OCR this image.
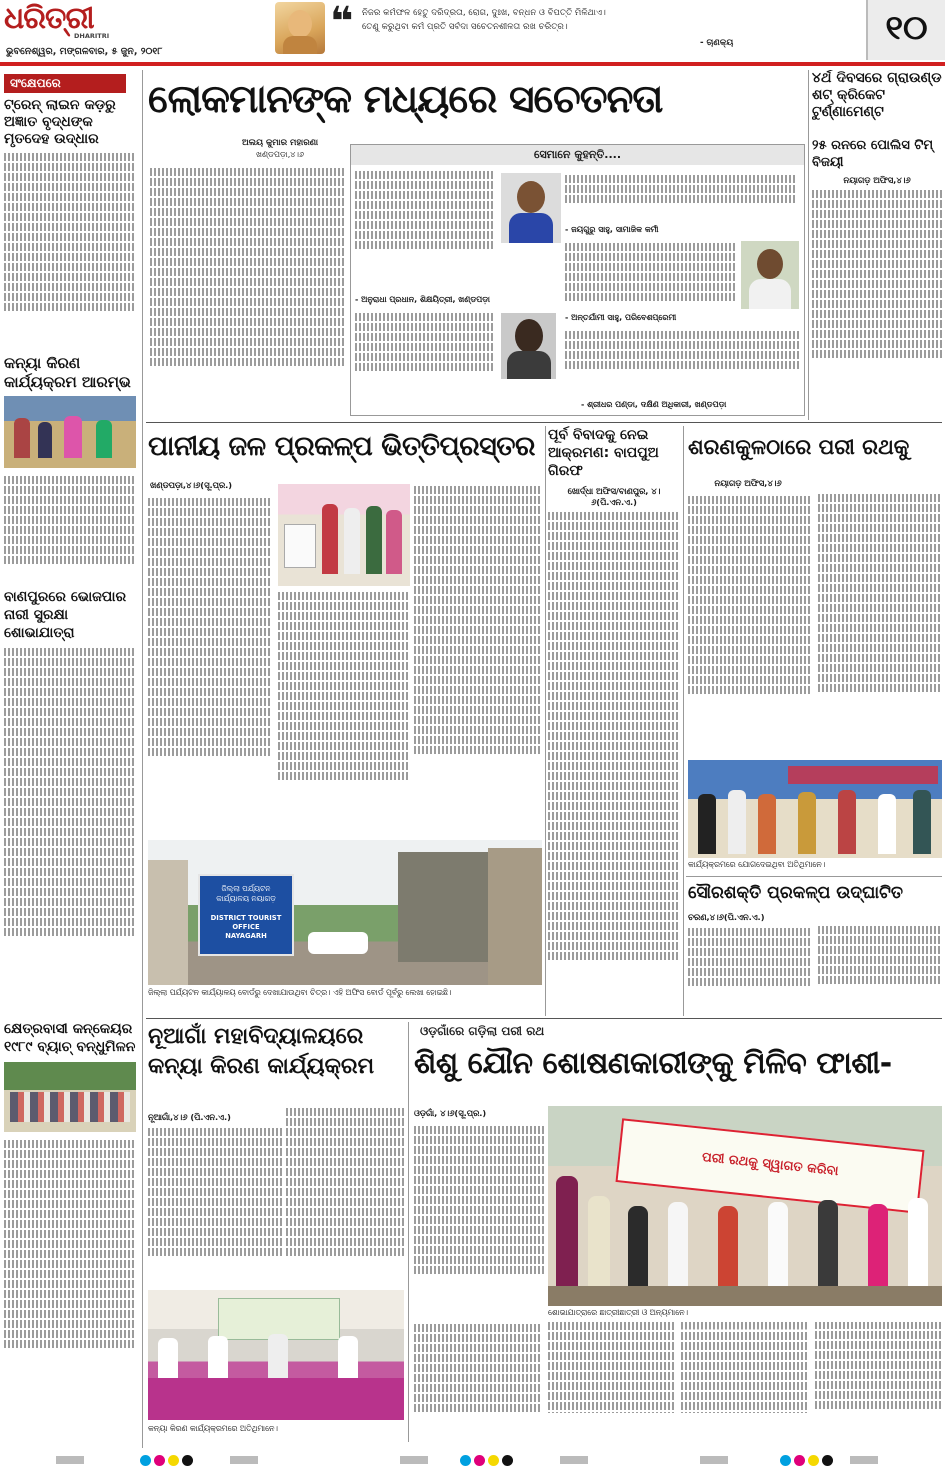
ଧରିତ୍ରୀ
DHARITRI
ଭୁବନେଶ୍ୱର, ମଙ୍ଗଳବାର, ୫ ଜୁନ, ୨୦୧୮
❝ ନିଜର କର୍ମଫଳ ହେତୁ ଦରିଦ୍ରତା, ରୋଗ, ଦୁଃଖ, ବନ୍ଧନ ଓ ବିପତ୍ତି ମିଳିଥାଏ।
ତେଣୁ କରୁଥିବା କର୍ମ ପ୍ରତି ସର୍ବଦା ସଚେତନଶୀଳତା ରଖ ଚରିତ୍ର।
- ଚାଣକ୍ୟ	୧୦
ସଂକ୍ଷେପରେ
ଟ୍ରେନ୍ ଲାଇନ କଡ଼ରୁ ଅଜ୍ଞାତ ବୃଦ୍ଧଙ୍କ ମୃତଦେହ ଉଦ୍ଧାର
କନ୍ୟା କିରଣ କାର୍ଯ୍ୟକ୍ରମ ଆରମ୍ଭ
ବାଣପୁରରେ ଭୋଜପାର ନାରୀ ସୁରକ୍ଷା ଶୋଭାଯାତ୍ରା
କ୍ଷେତ୍ରବାସୀ କନ୍‌କେୟର ୧୯୮୯ ବ୍ୟାଚ୍ ବନ୍ଧୁମିଳନ
ଲୋକମାନଙ୍କ ମଧ୍ୟରେ ସଚେତନତା
ଅଲୟ କୁମାର ମହାରଣା
ଖଣ୍ଡପଡ଼ା,୪।୬	ସେମାନେ କୁହନ୍ତି....
- ଜୟଗୁରୁ ସାହୁ, ସାମାଜିକ କର୍ମୀ
- ଅନ୍ତର୍ଯାମୀ ସାହୁ, ପରିବେଶପ୍ରେମୀ
- ଅନୁରାଧା ପ୍ରଧାନ, ଶିକ୍ଷୟିତ୍ରୀ, ଖଣ୍ଡପଡ଼ା
- ଶ୍ରୀଧର ପଣ୍ଡା, ଦକ୍ଷିଣ ଅଧିକାରୀ, ଖଣ୍ଡପଡ଼ା
୪ର୍ଥ ଦିବସରେ ଗ୍ରାଉଣ୍ଡ ଶଟ୍ କ୍ରିକେଟ ଟୁର୍ଣ୍ଣାମେଣ୍ଟ
୨୫ ରନରେ ପୋଲିସ ଟିମ୍ ବିଜୟୀ
ନୟାଗଡ଼ ଅଫିସ,୪।୬
ପାନୀୟ ଜଳ ପ୍ରକଳ୍ପ ଭିତ୍ତିପ୍ରସ୍ତର
ଖଣ୍ଡପଡ଼ା,୪।୬(ସୂ.ପ୍ର.)
ଜିଲ୍ଲା ପର୍ଯ୍ୟଟନ କାର୍ଯ୍ୟାଳୟ ନୟାଗଡ଼
DISTRICT TOURIST OFFICE
NAYAGARH
ଜିଲ୍ଲା ପର୍ଯ୍ୟଟନ କାର୍ଯ୍ୟାଳୟ ବୋର୍ଡରୁ ଦେଖାଯାଉଥିବା ଚିତ୍ର। ଏହି ଅଫିସ ବୋର୍ଡ ପୂର୍ବରୁ ଲେଖା ହୋଇଛି।
ପୂର୍ବ ବିବାଦକୁ ନେଇ ଆକ୍ରମଣ: ବାପପୁଅ ଗିରଫ
ଖୋର୍ଦ୍ଧା ଅଫିସ/ବାଣପୁର, ୪।୬(ପି.ଏନ.ଏ.)
ଶରଣକୁଳଠାରେ ପରୀ ରଥକୁ
ନୟାଗଡ଼ ଅଫିସ,୪।୬
କାର୍ଯ୍ୟକ୍ରମରେ ଯୋଗଦେଇଥିବା ଅତିଥିମାନେ।
ସୌରଶକ୍ତି ପ୍ରକଳ୍ପ ଉଦ୍‌ଘାଟିତ
ଚରଣ,୪।୬(ପି.ଏନ.ଏ.)
ନୂଆଗାଁ ମହାବିଦ୍ୟାଳୟରେ କନ୍ୟା କିରଣ କାର୍ଯ୍ୟକ୍ରମ
ନୂଆଗାଁ,୪।୬ (ପି.ଏନ.ଏ.)
କନ୍ୟା କିରଣ କାର୍ଯ୍ୟକ୍ରମରେ ଅତିଥିମାନେ।
ଓଡ଼ଗାଁରେ ଗଡ଼ିଲା ପରୀ ରଥ
ଶିଶୁ ଯୌନ ଶୋଷଣକାରୀଙ୍କୁ ମିଳିବ ଫାଶୀ-
ଓଡ଼ଗାଁ, ୪।୬(ସୂ.ପ୍ର.)
ପରୀ ରଥକୁ ସ୍ୱାଗତ କରିବା
ଶୋଭାଯାତ୍ରାରେ ଛାତ୍ରୀଛାତ୍ରୀ ଓ ଅନ୍ୟମାନେ।
